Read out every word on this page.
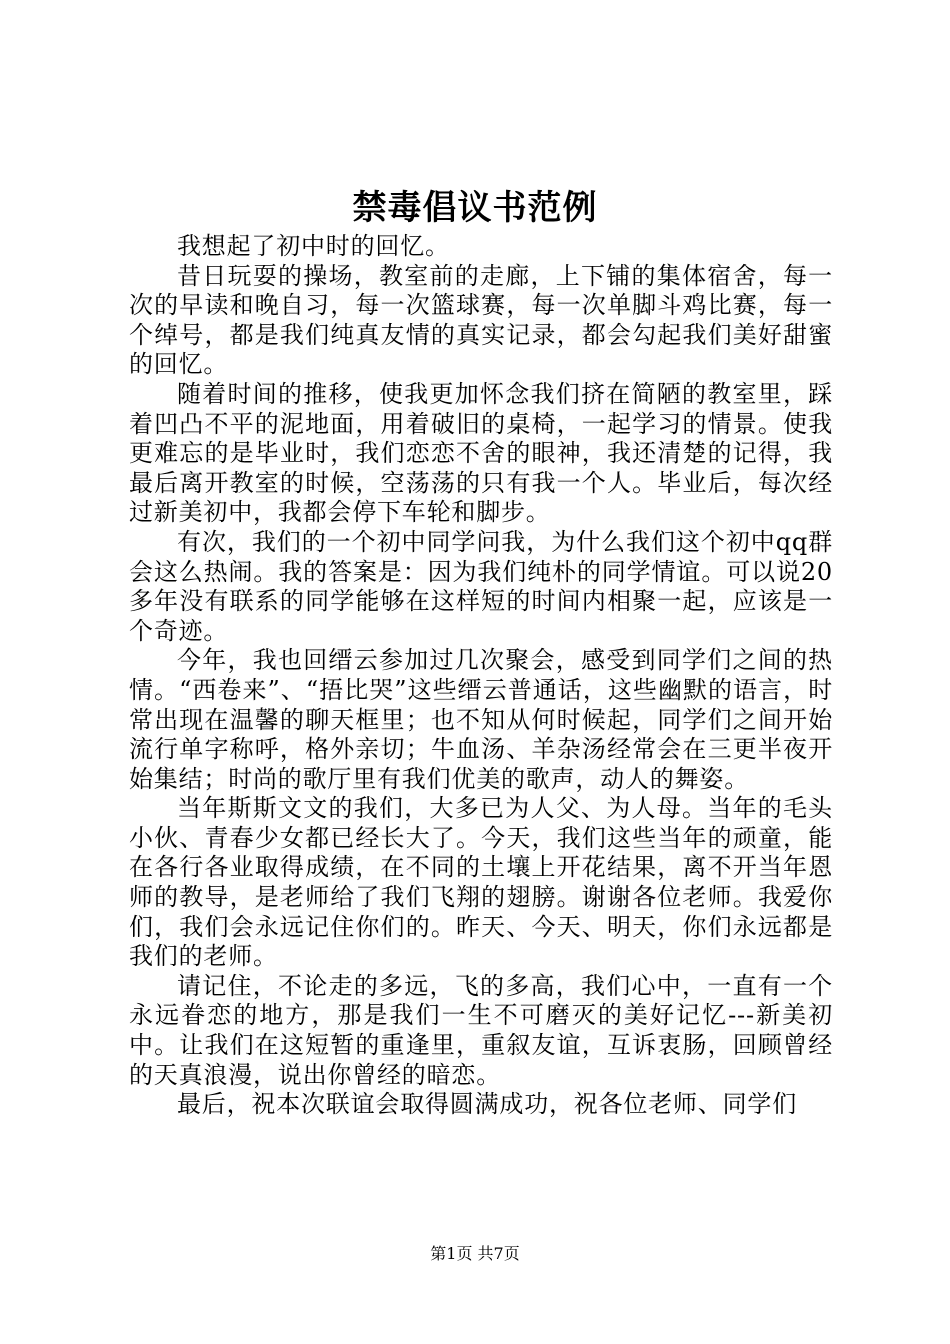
禁毒倡议书范例

我想起了初中时的回忆。

昔日玩耍的操场，教室前的走廊，上下铺的集体宿舍，每一次的早读和晚自习，每一次篮球赛，每一次单脚斗鸡比赛，每一个绰号，都是我们纯真友情的真实记录，都会勾起我们美好甜蜜的回忆。

随着时间的推移，使我更加怀念我们挤在简陋的教室里，踩着凹凸不平的泥地面，用着破旧的桌椅，一起学习的情景。使我更难忘的是毕业时，我们恋恋不舍的眼神，我还清楚的记得，我最后离开教室的时候，空荡荡的只有我一个人。毕业后，每次经过新美初中，我都会停下车轮和脚步。

有次，我们的一个初中同学问我，为什么我们这个初中qq群会这么热闹。我的答案是：因为我们纯朴的同学情谊。可以说20多年没有联系的同学能够在这样短的时间内相聚一起，应该是一个奇迹。

今年，我也回缙云参加过几次聚会，感受到同学们之间的热情。“西卷来”、“捂比哭”这些缙云普通话，这些幽默的语言，时常出现在温馨的聊天框里；也不知从何时候起，同学们之间开始流行单字称呼，格外亲切；牛血汤、羊杂汤经常会在三更半夜开始集结；时尚的歌厅里有我们优美的歌声，动人的舞姿。

当年斯斯文文的我们，大多已为人父、为人母。当年的毛头小伙、青春少女都已经长大了。今天，我们这些当年的顽童，能在各行各业取得成绩，在不同的土壤上开花结果，离不开当年恩师的教导，是老师给了我们飞翔的翅膀。谢谢各位老师。我爱你们，我们会永远记住你们的。昨天、今天、明天，你们永远都是我们的老师。

请记住，不论走的多远，飞的多高，我们心中，一直有一个永远眷恋的地方，那是我们一生不可磨灭的美好记忆---新美初中。让我们在这短暂的重逢里，重叙友谊，互诉衷肠，回顾曾经的天真浪漫，说出你曾经的暗恋。

最后，祝本次联谊会取得圆满成功，祝各位老师、同学们

第1页 共7页
